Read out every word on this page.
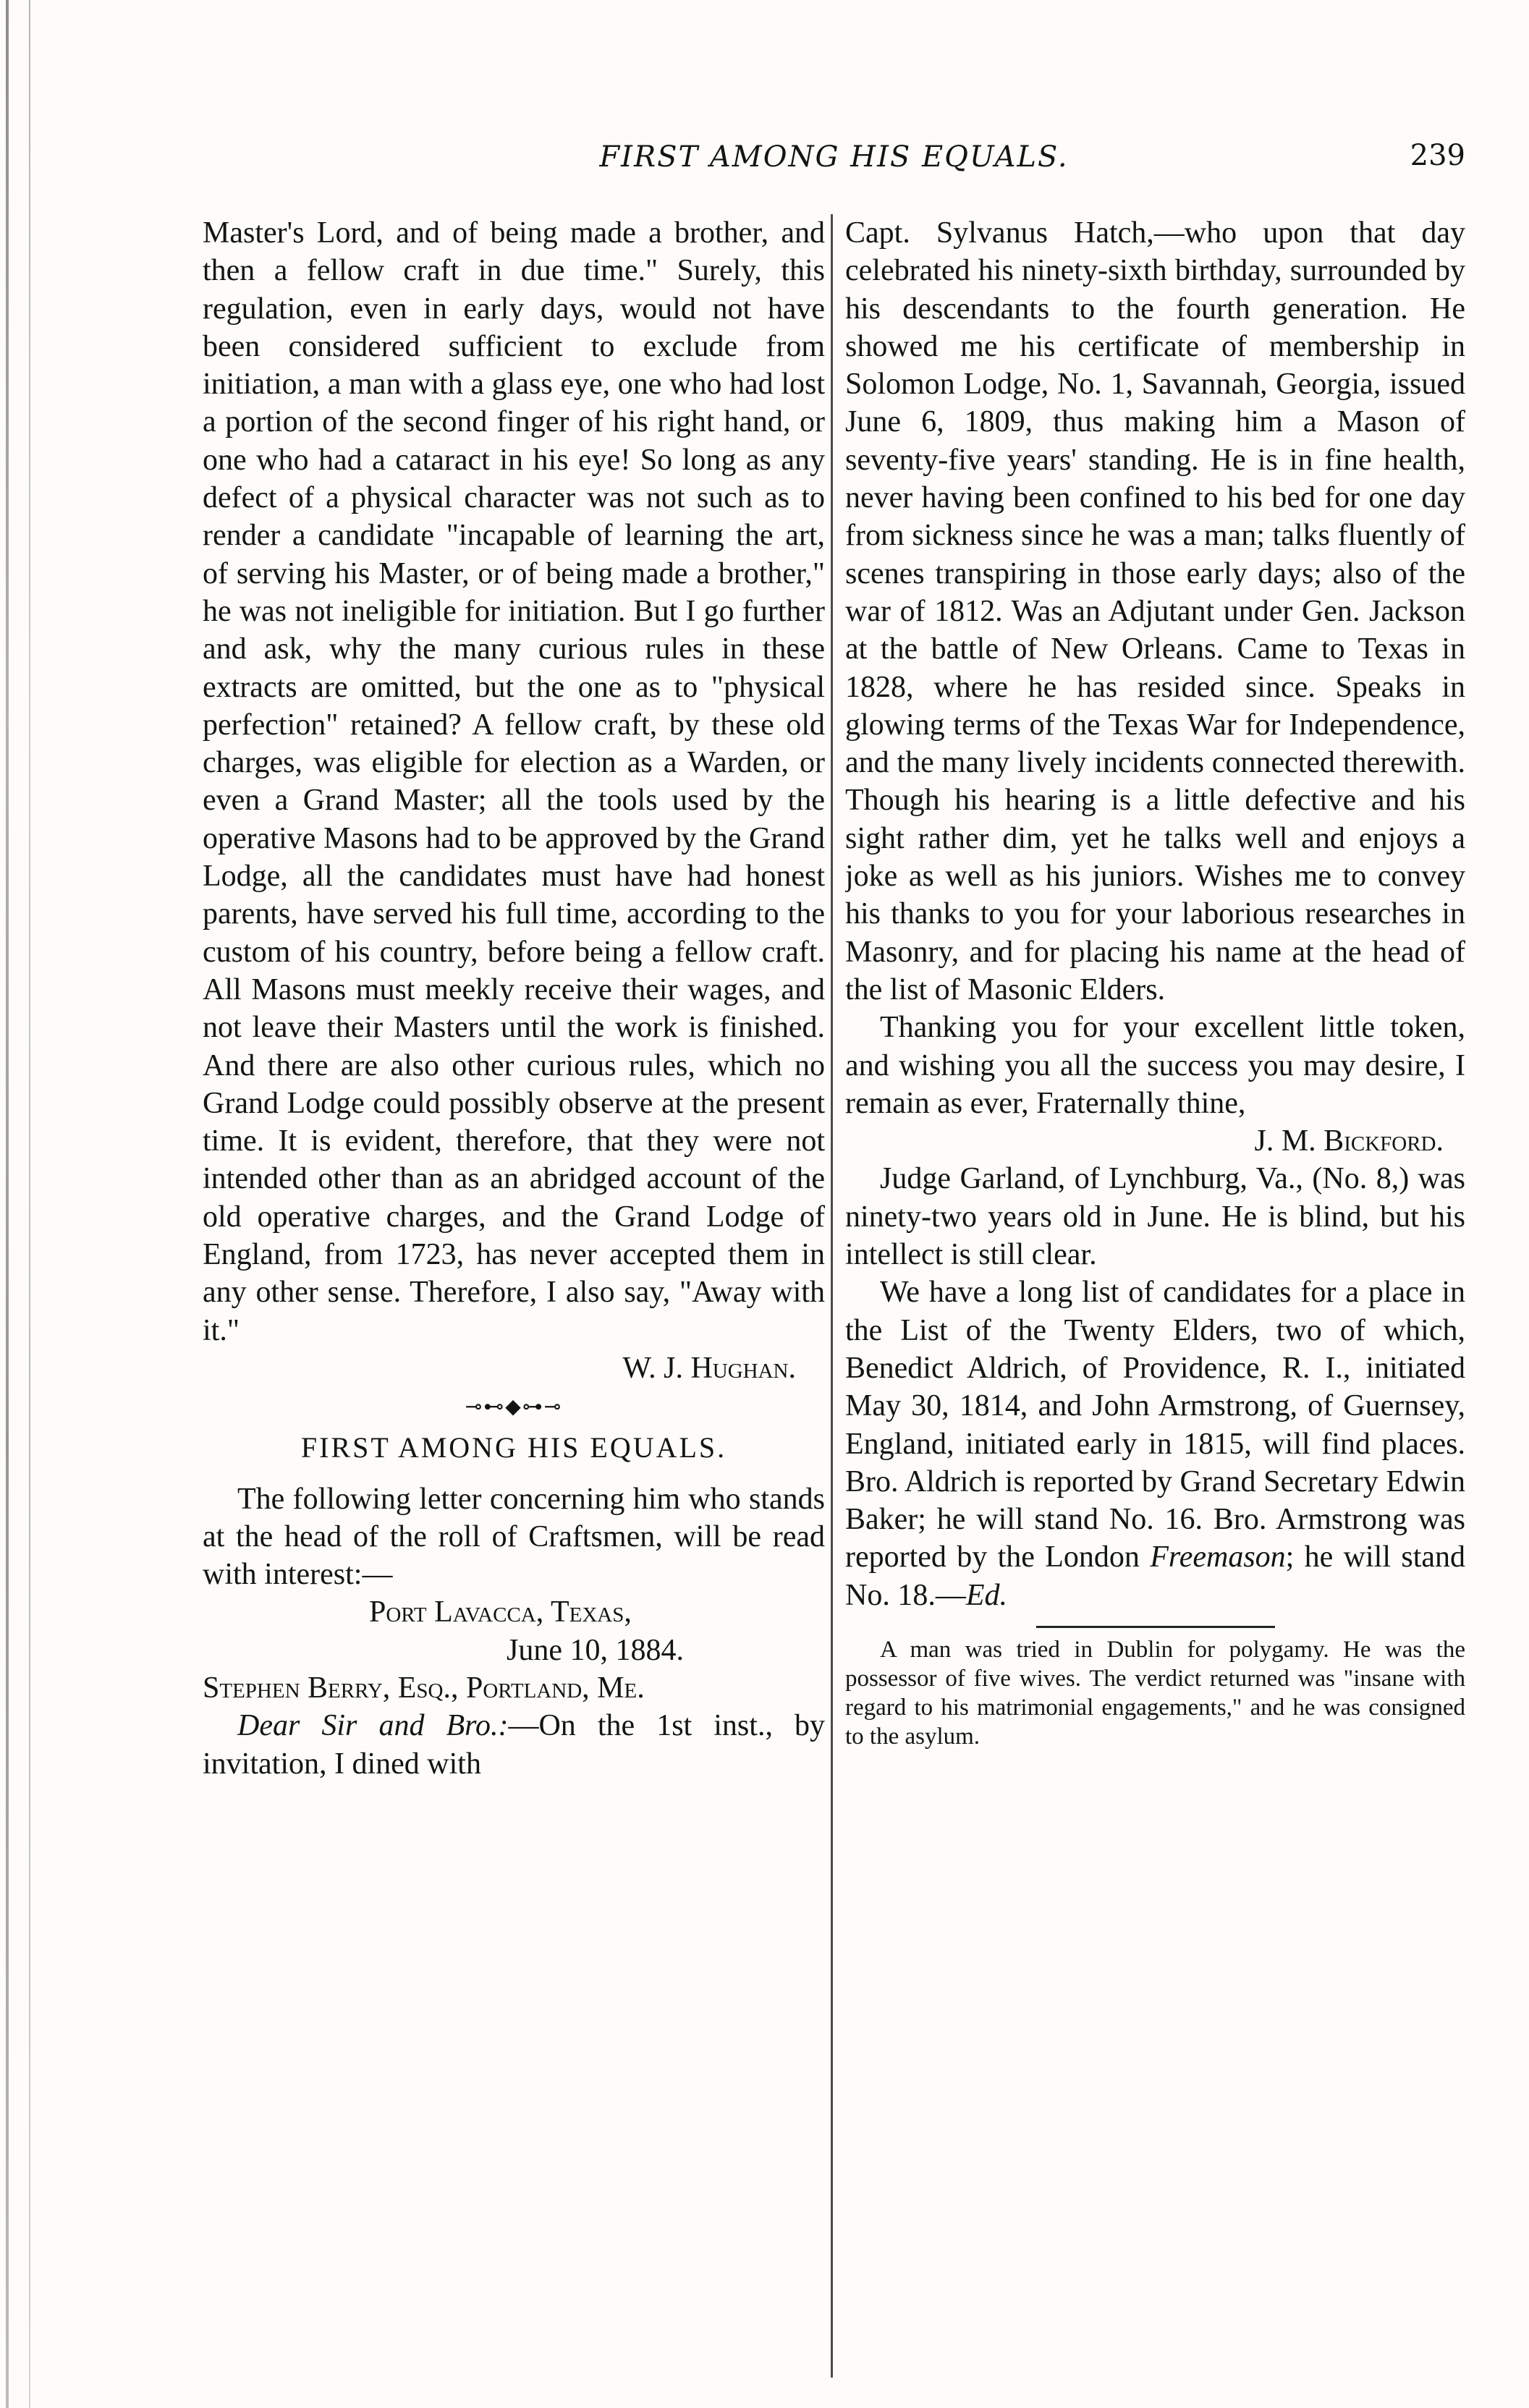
FIRST AMONG HIS EQUALS.	239

Master's Lord, and of being made a brother, and then a fellow craft in due time." Surely, this regulation, even in early days, would not have been considered sufficient to exclude from initiation, a man with a glass eye, one who had lost a portion of the second finger of his right hand, or one who had a cataract in his eye! So long as any defect of a physical character was not such as to render a candidate "incapable of learning the art, of serving his Master, or of being made a brother," he was not ineligible for initiation. But I go further and ask, why the many curious rules in these extracts are omitted, but the one as to "physical perfection" retained? A fellow craft, by these old charges, was eligible for election as a Warden, or even a Grand Master; all the tools used by the operative Masons had to be approved by the Grand Lodge, all the candidates must have had honest parents, have served his full time, according to the custom of his country, before being a fellow craft. All Masons must meekly receive their wages, and not leave their Masters until the work is finished. And there are also other curious rules, which no Grand Lodge could possibly observe at the present time. It is evident, therefore, that they were not intended other than as an abridged account of the old operative charges, and the Grand Lodge of England, from 1723, has never accepted them in any other sense. Therefore, I also say, "Away with it."

W. J. Hughan.

⊸⊷◆⊶⊸
FIRST AMONG HIS EQUALS.

The following letter concerning him who stands at the head of the roll of Craftsmen, will be read with interest:—

Port Lavacca, Texas,

June 10, 1884.

Stephen Berry, Esq., Portland, Me.

Dear Sir and Bro.:—On the 1st inst., by invitation, I dined with

Capt. Sylvanus Hatch,—who upon that day celebrated his ninety-sixth birthday, surrounded by his descendants to the fourth generation. He showed me his certificate of membership in Solomon Lodge, No. 1, Savannah, Georgia, issued June 6, 1809, thus making him a Mason of seventy-five years' standing. He is in fine health, never having been confined to his bed for one day from sickness since he was a man; talks fluently of scenes transpiring in those early days; also of the war of 1812. Was an Adjutant under Gen. Jackson at the battle of New Orleans. Came to Texas in 1828, where he has resided since. Speaks in glowing terms of the Texas War for Independence, and the many lively incidents connected therewith. Though his hearing is a little defective and his sight rather dim, yet he talks well and enjoys a joke as well as his juniors. Wishes me to convey his thanks to you for your laborious researches in Masonry, and for placing his name at the head of the list of Masonic Elders.

Thanking you for your excellent little token, and wishing you all the success you may desire, I remain as ever, Fraternally thine,

J. M. Bickford.

Judge Garland, of Lynchburg, Va., (No. 8,) was ninety-two years old in June. He is blind, but his intellect is still clear.

We have a long list of candidates for a place in the List of the Twenty Elders, two of which, Benedict Aldrich, of Providence, R. I., initiated May 30, 1814, and John Armstrong, of Guernsey, England, initiated early in 1815, will find places. Bro. Aldrich is reported by Grand Secretary Edwin Baker; he will stand No. 16. Bro. Armstrong was reported by the London Freemason; he will stand No. 18.—Ed.

A man was tried in Dublin for polygamy. He was the possessor of five wives. The verdict returned was "insane with regard to his matrimonial engagements," and he was consigned to the asylum.
